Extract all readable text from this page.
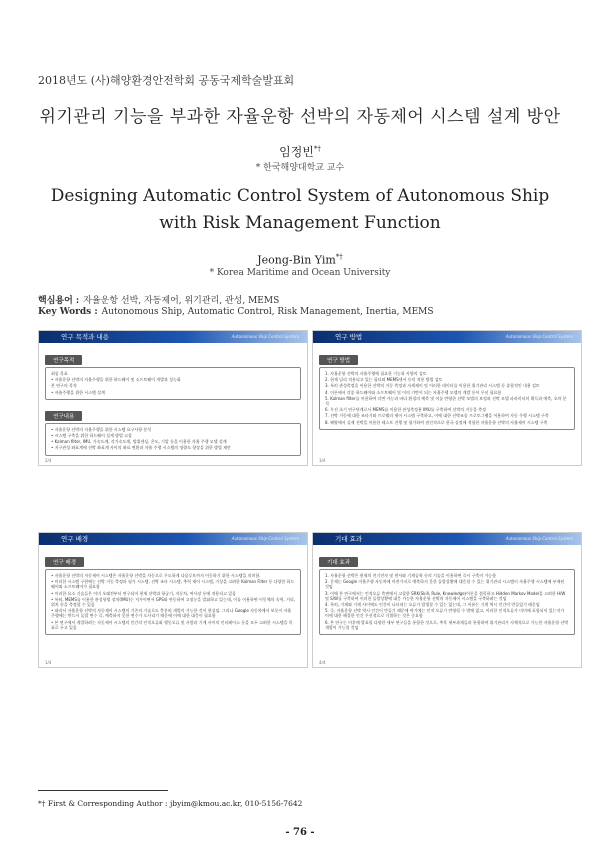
2018년도 (사)해양환경안전학회 공동국제학술발표회
위기관리 기능을 부과한 자율운항 선박의 자동제어 시스템 설계 방안
임정빈*†
* 한국해양대학교 교수
Designing Automatic Control System of Autonomous Ship
with Risk Management Function
Jeong-Bin Yim*†
* Korea Maritime and Ocean University
핵심용어 : 자율운항 선박, 자동제어, 위기관리, 관성, MEMS
Key Words : Autonomous Ship, Automatic Control, Risk Management, Inertia, MEMS
연구 목적과 내용	Autonomous Ship Control System
연구목적
최종 목표
• 자율운항 선박의 자율주행을 위한 하드웨어 및 소프트웨어 개발과 성능화
본 연구의 목적
• 자율주행을 위한 시스템 설계
연구내용
• 자율운항 선박의 자율주행을 위한 시스템 요구사항 분석
• 시스템 구축을 위한 하드웨어 설계 방법 고찰
• Kalman filter, IMU, 가속도계, 각가속도계, 방위센싱, 온도, 기압 등을 이용한 자율 주행 모델 설계
• 지구관성 좌표계에 선박 좌표계 사이의 좌표 변환과 자율 주행 시스템의 정량도 향상을 위한 방법 제안
2/4
연구 방법	Autonomous Ship Control System
연구 방법
1. 자율운항 선박의 자율주행에 필요한 기능과 사양의 검토
2. 현재 널리 적용되고 있는 필터와 MEMS센서 등의 적용 방법 검토
3. 특히 관성측정을 이용한 선박의 거동 측정과 자세제어 및 이러한 데이터를 이용한 위기관리 시스템 등 종합적인 내용 검토
4. 이론에서 각종 하드웨어와 소프트웨어 및 이의 기반이 되는 자율주행 모델의 개발 등이 우선 필요함
5. Kalman filter를 이용하여 각변 가능과 바다 환경의 예측 및 이를 반영한 선박 모델의 보정과 선박 모델 파라미터의 획득과 예측, 오차 분석
6. 우선 초기 연구단계로서 MEMS를 이용한 관성측정용 IMU를 구축하여 선박의 거동을 측정
7. 선박 거동에 대한 조타기와 프로펠러 제어 시스템 구축하고, 이에 대한 선박조종 프로토그램을 이용하여 자동 주행 시스템 구축
8. 해양에서 실제 선박을 이용한 테스트 진행 및 평가하여 점진적으로 한국 실정에 적합한 자율운항 선박의 자율제어 시스템 구축
3/4
연구 배경	Autonomous Ship Control System
연구 배경
• 자율운항 선박의 자동제어 시스템은 자율운항 선박을 자동으로 무도하게 다음루트까지 이동하기 위한 시스템을 의미함.
• 이러한 시스템 구현에는 선박 거동 측정과 평가 시스템, 선박 조타 시스템, 추력 제어 시스템, 기상을 고려한 Kalman Filter 등 다양한 하드웨어와 소프트웨어가 필요함
• 이러한 요소 기술들은 이미 오래전부터 연구되어 현재 선박과 항공기, 자동차, 여사장 등에 적용되고 있음
• 특히, MEMS를 이용한 관성항법 장치(IMU)는 저가이면서 GPS와 연동하여 고정농을 발휘하고 있는데, 이를 이용하면 이동체의 속력, 거리, 위치 등을 측정할 수 있음
• 따라서 자율운항 선박의 자동제어 시스템의 기존의 기술로도 충분히 개발이 가능한 것이 현실임. 그러나 Google 자동차에서 보듯이 자율주행에는 반드시 돌발 변수 즉, 예측하지 못한 변수가 도사리기 때문에 이에 대한 대응이 필요함
• 본 연구에서 개발하려는 자동제어 시스템의 인간의 인적오류와 행동오류 및 사람과 기계 사이의 인터페이스 등을 모두 고려한 시스템을 목표로 두고 있음
1/4
기대 효과	Autonomous Ship Control System
기대 효과
1. 자율운항 선박은 현재의 전기전자 및 센서와 기계공학 등의 기술을 이용하면 즉시 구축이 가능함
2. 문제는 Google 자율주행 자동차에 마찬가지로 예측하지 못한 돌발상황에 대응할 수 있는 위기관리 시스템이 자율주행 시스템에 부재된 것임
3. 이에 본 연구에서는 인적오류 측면에서 고찰한 SRK(Skill, Rule, Knowledge)이론을 접목하고 Hidden Markov Model을 고려한 H/W 및 S/W를 구축하여 이러한 돌발상황에 대응 가능한 자율운항 선박의 자동제어 시스템을 구축하려는 것임
4. 특히, 기계와 기계 사이에도 인간이 나타내는 오류가 발생할 수 있는 없는데, 그 이유는 기계 역시 인간이 만들었기 때문임
5. 즉, 자율운항 선박 역시 인간이 만들기 때문에 여기에는 인적 오류가 반영될 수 밖에 없고, 이러한 인적오류가 미미에 포함되어 있는지가 이에 대한 해결한 인간 우선적으로 식별하는 것은 중요함
6. 본 연구는 이후에 발표될 다양한 세부 연구들을 통합한 것으로, 추후 세부과제들과 통합하여 위기관리가 자체적으로 가능한 자율운항 선박 개발이 가능할 것임
4/4
*† First & Corresponding Author : jbyim@kmou.ac.kr, 010-5156-7642
- 76 -
